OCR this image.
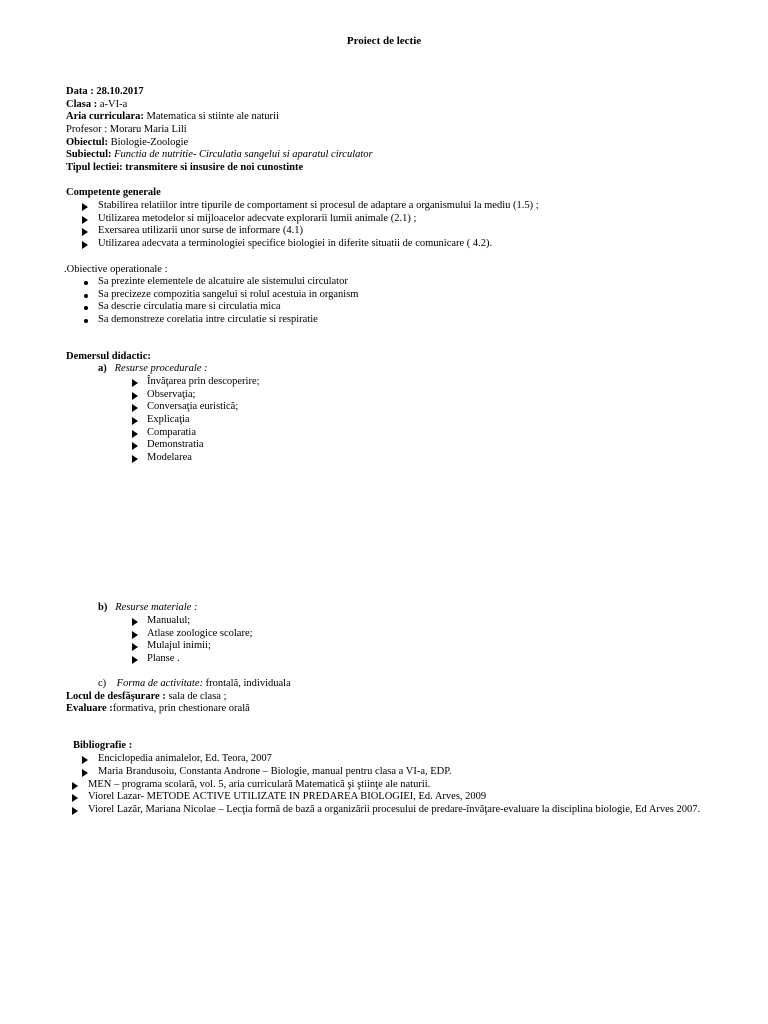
Proiect de lectie
Data : 28.10.2017
Clasa : a-VI-a
Aria curriculara: Matematica si stiinte ale naturii
Profesor : Moraru Maria Lili
Obiectul: Biologie-Zoologie
Subiectul: Functia de nutritie- Circulatia sangelui si aparatul circulator
Tipul lectiei: transmitere si insusire de noi cunostinte
Competente generale
Stabilirea relatiilor intre tipurile de comportament si procesul de adaptare a organismului la mediu (1.5) ;
Utilizarea metodelor si mijloacelor adecvate explorarii lumii animale (2.1) ;
Exersarea utilizarii unor surse de informare (4.1)
Utilizarea adecvata a terminologiei specifice biologiei in diferite situatii de comunicare ( 4.2).
.Obiective operationale :
Sa prezinte elementele de alcatuire ale sistemului circulator
Sa precizeze compozitia sangelui si rolul acestuia in organism
Sa descrie circulatia mare si circulatia mica
Sa demonstreze corelatia intre circulatie si respiratie
Demersul didactic:
a) Resurse procedurale :
Învăţarea prin descoperire;
Observaţia;
Conversaţia euristică;
Explicaţia
Comparatia
Demonstratia
Modelarea
b) Resurse materiale :
Manualul;
Atlase zoologice scolare;
Mulajul inimii;
Planse .
c) Forma de activitate: frontală, individuala
Locul de desfăşurare : sala de clasa ;
Evaluare :formativa, prin chestionare orală
Bibliografie :
Enciclopedia animalelor, Ed. Teora, 2007
Maria Brandusoiu, Constanta Androne – Biologie, manual pentru clasa a VI-a, EDP.
MEN – programa scolară, vol. 5, aria curriculară Matematică şi ştiinţe ale naturii.
Viorel Lazar- METODE ACTIVE UTILIZATE IN PREDAREA BIOLOGIEI, Ed. Arves, 2009
Viorel Lazăr, Mariana Nicolae – Lecţia formă de bază a organizării procesului de predare-învăţare-evaluare la disciplina biologie, Ed Arves 2007.
